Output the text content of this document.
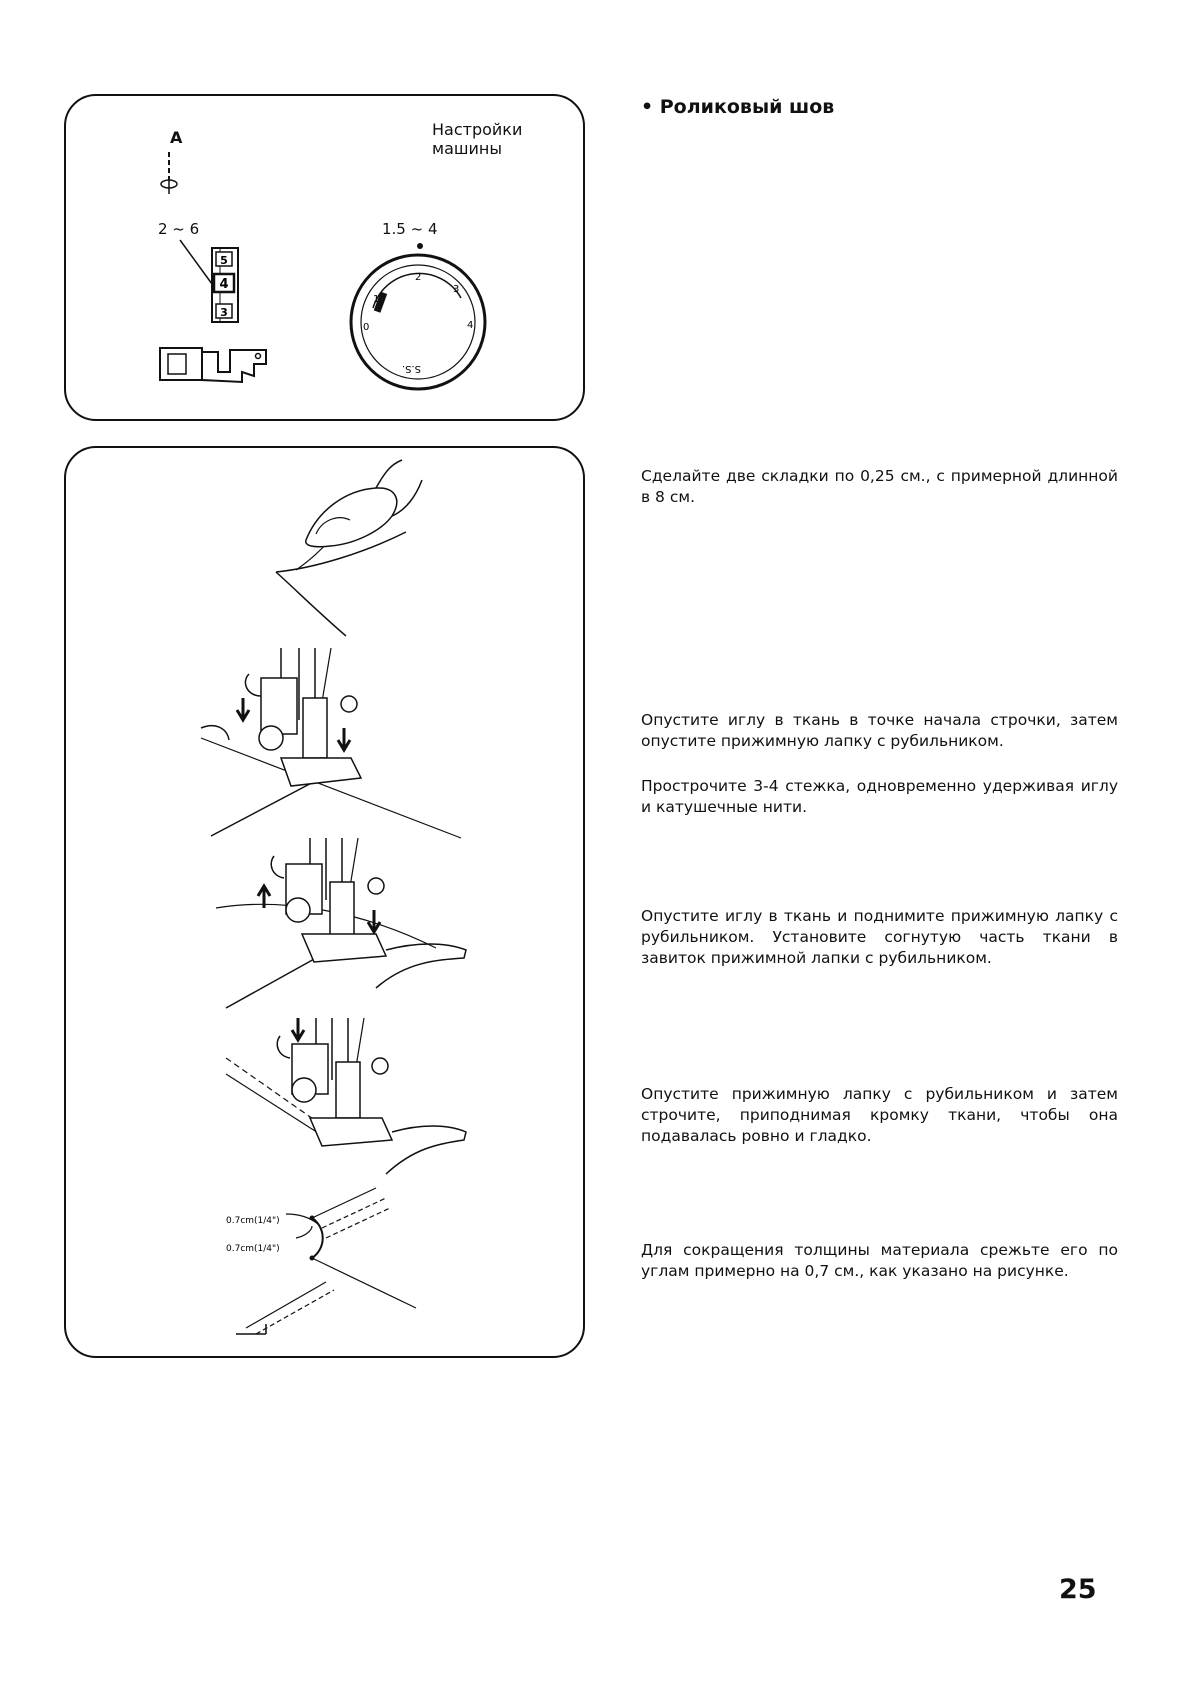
Настройки машины
A
2 ~ 6
5
4
3
1.5 ~ 4
0
1
2
3
4
S.S.
• Роликовый шов
0.7cm(1/4")
0.7cm(1/4")
Сделайте две складки по 0,25 см., с примерной длинной в 8 см.
Опустите иглу в ткань в точке начала строчки, затем опустите прижимную лапку с рубильником.
Прострочите 3-4 стежка, одновременно удерживая иглу и катушечные нити.
Опустите иглу в ткань и поднимите прижимную лапку с рубильником. Установите согнутую часть ткани в завиток прижимной лапки с рубильником.
Опустите прижимную лапку с рубильником и затем строчите, приподнимая кромку ткани, чтобы она подавалась ровно и гладко.
Для сокращения толщины материала срежьте его по углам примерно на 0,7 см., как указано на рисунке.
25
